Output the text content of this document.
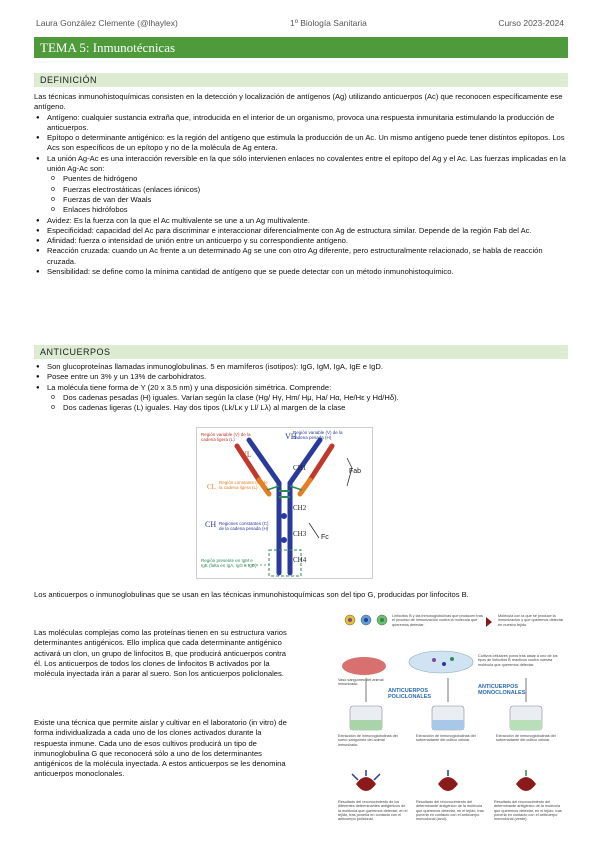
Laura González Clemente (@lhaylex)	1º Biología Sanitaria	Curso 2023-2024
TEMA 5: Inmunotécnicas
DEFINICIÓN

Las técnicas inmunohistoquímicas consisten en la detección y localización de antígenos (Ag) utilizando anticuerpos (Ac) que reconocen específicamente ese antígeno.

● Antígeno: cualquier sustancia extraña que, introducida en el interior de un organismo, provoca una respuesta inmunitaria estimulando la producción de anticuerpos.
● Epítopo o determinante antigénico: es la región del antígeno que estimula la producción de un Ac. Un mismo antígeno puede tener distintos epítopos. Los Acs son específicos de un epítopo y no de la molécula de Ag entera.
● La unión Ag-Ac es una interacción reversible en la que sólo intervienen enlaces no covalentes entre el epítopo del Ag y el Ac. Las fuerzas implicadas en la unión Ag-Ac son:
o Puentes de hidrógeno
o Fuerzas electrostáticas (enlaces iónicos)
o Fuerzas de van der Waals
o Enlaces hidrófobos
● Avidez: Es la fuerza con la que el Ac multivalente se une a un Ag multivalente.
● Especificidad: capacidad del Ac para discriminar e interaccionar diferencialmente con Ag de estructura similar. Depende de la región Fab del Ac.
● Afinidad: fuerza o intensidad de unión entre un anticuerpo y su correspondiente antígeno.
● Reacción cruzada: cuando un Ac frente a un determinado Ag se une con otro Ag diferente, pero estructuralmente relacionado, se habla de reacción cruzada.
● Sensibilidad: se define como la mínima cantidad de antígeno que se puede detectar con un método inmunohistoquímico.
ANTICUERPOS
● Son glucoproteínas llamadas inmunoglobulinas. 5 en mamíferos (isotipos): IgG, IgM, IgA, IgE e IgD.
● Posee entre un 3% y un 13% de carbohidratos.
● La molécula tiene forma de Y (20 x 3.5 nm) y una disposición simétrica. Comprende:
o Dos cadenas pesadas (H) iguales. Varían según la clase (Hg/ Hγ, Hm/ Hμ, Ha/ Hα, He/Hε y Hd/Hδ).
o Dos cadenas ligeras (L) iguales. Hay dos tipos (Lk/Lκ y Ll/ Lλ) al margen de la clase
Región variable (V) de la cadena ligera (L)
Región variable (V) de la cadena pesada (H)
VL
VH
CL
Región constante (C) de la cadena ligera (L)
CH1	Fab
CH Regiones constantes (C) de la cadena pesada (H)
CH2
CH3 Fc
CH4
Región presente en IgM e IgE (falta en IgA, IgG e IgD)
Los anticuerpos o inmunoglobulinas que se usan en las técnicas inmunohistoquímicas son del tipo G, producidas por linfocitos B.
Las moléculas complejas como las proteínas tienen en su estructura varios determinantes antigénicos. Ello implica que cada determinante antigénico activará un clon, un grupo de linfocitos B, que producirá anticuerpos contra él. Los anticuerpos de todos los clones de linfocitos B activados por la molécula inyectada irán a parar al suero. Son los anticuerpos policlonales.
Existe una técnica que permite aislar y cultivar en el laboratorio (in vitro) de forma individualizada a cada uno de los clones activados durante la respuesta inmune. Cada uno de esos cultivos producirá un tipo de inmunoglobulina G que reconocerá sólo a uno de los determinantes antigénicos de la molécula inyectada. A estos anticuerpos se les denomina anticuerpos monoclonales.
Linfocitos B y las inmunoglobulinas que producen tras el proceso de inmunización contra la molécula que queremos detectar.
Molécula con la que se produce la inmunización y que queremos detectar en nuestro tejido.
Vaso sanguíneo del animal inmunizado.
Cultivos celulares puros tras aislar a uno de los tipos de linfocitos B reactivos contra nuestra molécula que queremos detectar.
ANTICUERPOS POLICLONALES
ANTICUERPOS MONOCLONALES
Extracción de inmunoglobulinas del suero sanguíneo del animal inmunizado.
Extracción de inmunoglobulinas del sobrenadante del cultivo celular.
Extracción de inmunoglobulinas del sobrenadante del cultivo celular.
Resultado del reconocimiento de los diferentes determinantes antigénicos de la molécula que queremos detectar, en el tejido, tras ponerla en contacto con el anticuerpo policlonal.
Resultado del reconocimiento del determinante antigénico de la molécula que queremos detectar, en el tejido, tras ponerla en contacto con el anticuerpo monoclonal (azul).
Resultado del reconocimiento del determinante antigénico de la molécula que queremos detectar, en el tejido, tras ponerla en contacto con el anticuerpo monoclonal (verde).
